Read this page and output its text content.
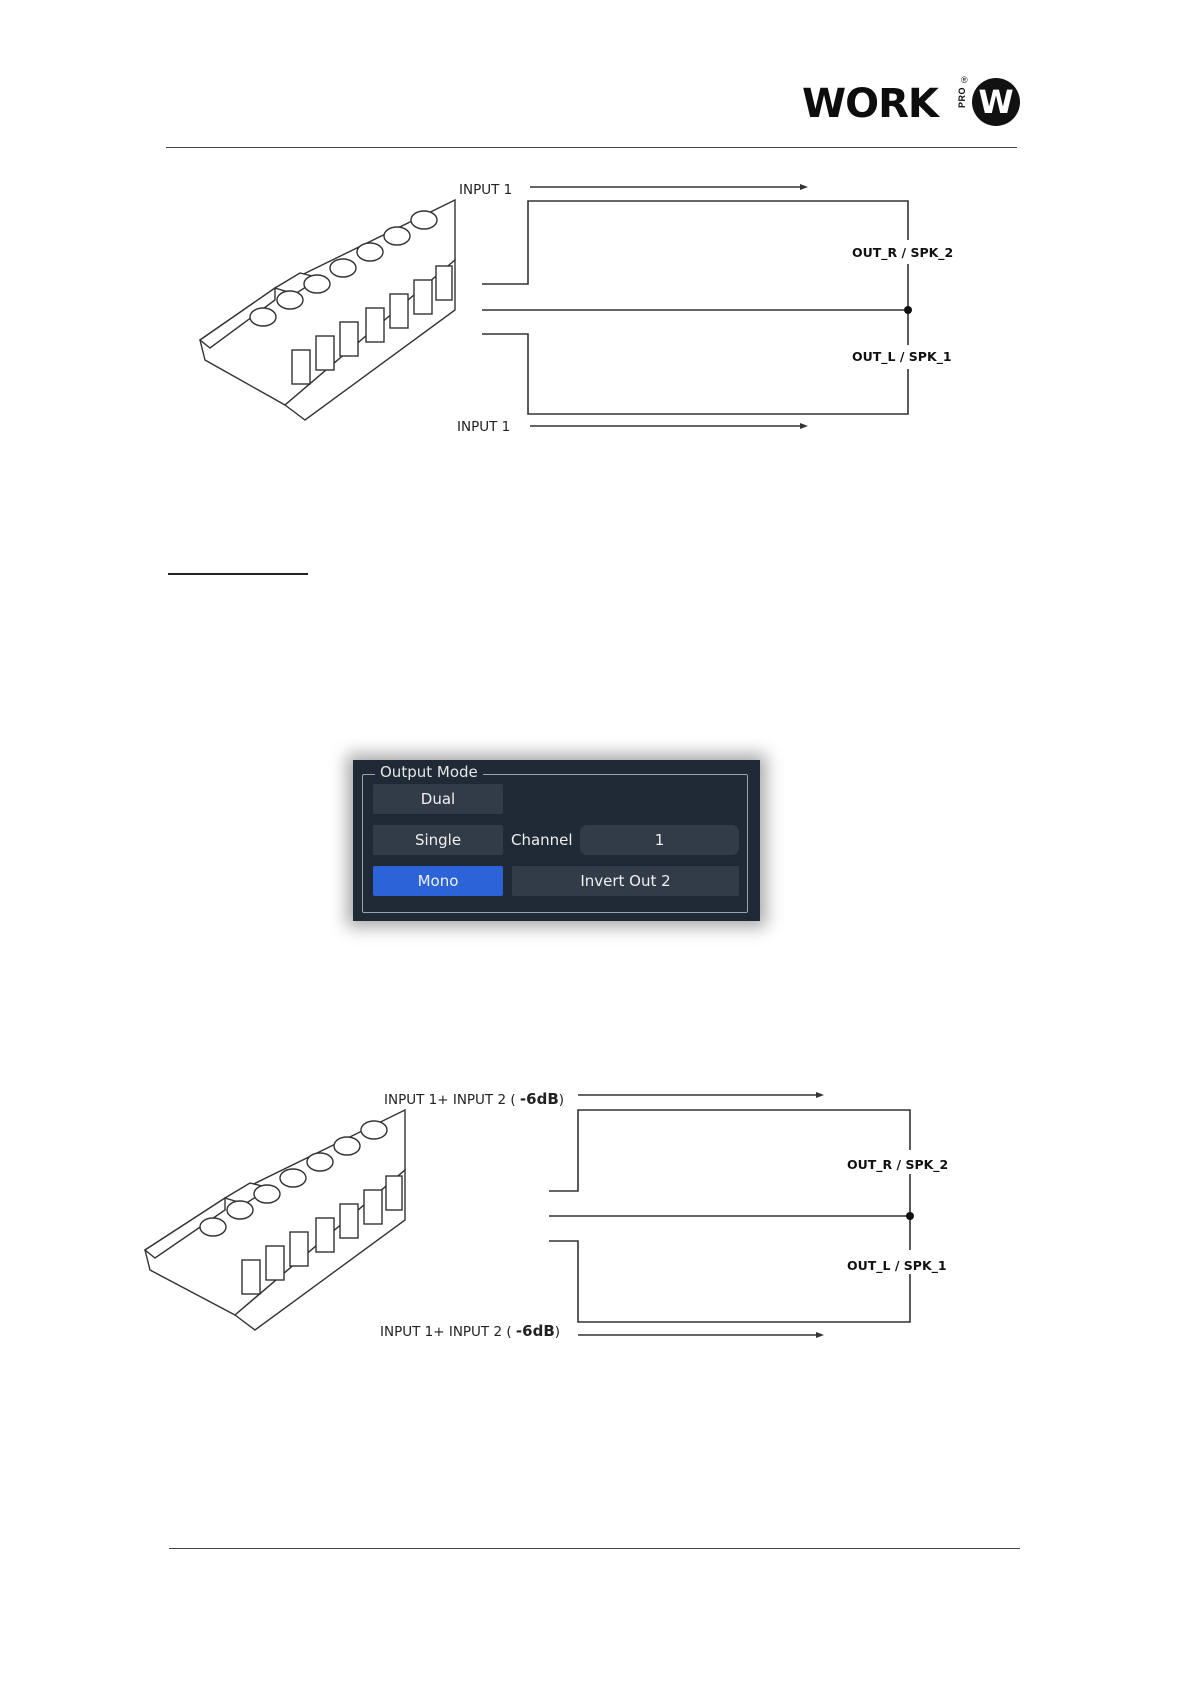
WORK
®
PRO W
INPUT 1
INPUT 1
OUT_R / SPK_2
OUT_L / SPK_1
Output Mode
Dual
Single	Channel	1
Mono	Invert Out 2
INPUT 1+ INPUT 2 ( -6dB)
INPUT 1+ INPUT 2 ( -6dB)
OUT_R / SPK_2
OUT_L / SPK_1
